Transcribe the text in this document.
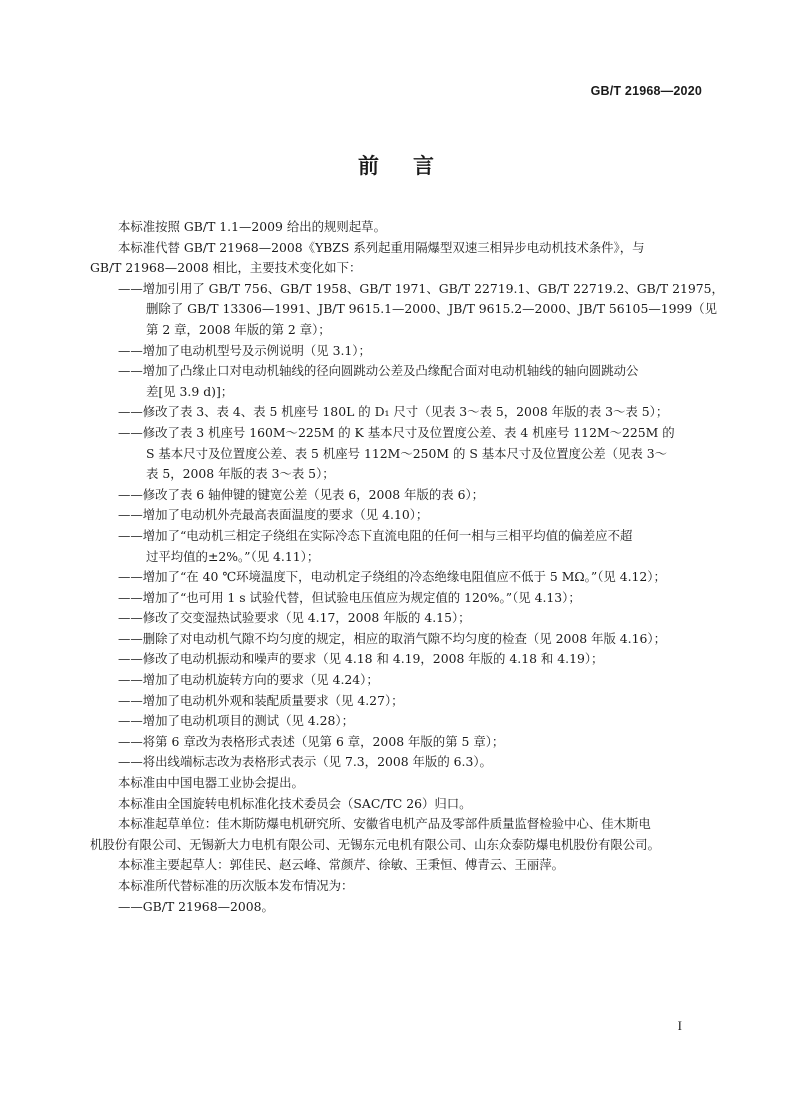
GB/T 21968—2020
前言
本标准按照 GB/T 1.1—2009 给出的规则起草。
本标准代替 GB/T 21968—2008《YBZS 系列起重用隔爆型双速三相异步电动机技术条件》，与
GB/T 21968—2008 相比，主要技术变化如下：
——增加引用了 GB/T 756、GB/T 1958、GB/T 1971、GB/T 22719.1、GB/T 22719.2、GB/T 21975，
删除了 GB/T 13306—1991、JB/T 9615.1—2000、JB/T 9615.2—2000、JB/T 56105—1999（见
第 2 章，2008 年版的第 2 章）；
——增加了电动机型号及示例说明（见 3.1）；
——增加了凸缘止口对电动机轴线的径向圆跳动公差及凸缘配合面对电动机轴线的轴向圆跳动公
差[见 3.9 d)]；
——修改了表 3、表 4、表 5 机座号 180L 的 D₁ 尺寸（见表 3～表 5，2008 年版的表 3～表 5）；
——修改了表 3 机座号 160M～225M 的 K 基本尺寸及位置度公差、表 4 机座号 112M～225M 的
S 基本尺寸及位置度公差、表 5 机座号 112M～250M 的 S 基本尺寸及位置度公差（见表 3～
表 5，2008 年版的表 3～表 5）；
——修改了表 6 轴伸键的键宽公差（见表 6，2008 年版的表 6）；
——增加了电动机外壳最高表面温度的要求（见 4.10）；
——增加了“电动机三相定子绕组在实际冷态下直流电阻的任何一相与三相平均值的偏差应不超
过平均值的±2%。”（见 4.11）；
——增加了“在 40 ℃环境温度下，电动机定子绕组的冷态绝缘电阻值应不低于 5 MΩ。”（见 4.12）；
——增加了“也可用 1 s 试验代替，但试验电压值应为规定值的 120%。”（见 4.13）；
——修改了交变湿热试验要求（见 4.17，2008 年版的 4.15）；
——删除了对电动机气隙不均匀度的规定，相应的取消气隙不均匀度的检查（见 2008 年版 4.16）；
——修改了电动机振动和噪声的要求（见 4.18 和 4.19，2008 年版的 4.18 和 4.19）；
——增加了电动机旋转方向的要求（见 4.24）；
——增加了电动机外观和装配质量要求（见 4.27）；
——增加了电动机项目的测试（见 4.28）；
——将第 6 章改为表格形式表述（见第 6 章，2008 年版的第 5 章）；
——将出线端标志改为表格形式表示（见 7.3，2008 年版的 6.3）。
本标准由中国电器工业协会提出。
本标准由全国旋转电机标准化技术委员会（SAC/TC 26）归口。
本标准起草单位：佳木斯防爆电机研究所、安徽省电机产品及零部件质量监督检验中心、佳木斯电
机股份有限公司、无锡新大力电机有限公司、无锡东元电机有限公司、山东众泰防爆电机股份有限公司。
本标准主要起草人：郭佳民、赵云峰、常颜芹、徐敏、王秉恒、傅青云、王丽萍。
本标准所代替标准的历次版本发布情况为：
——GB/T 21968—2008。
I
